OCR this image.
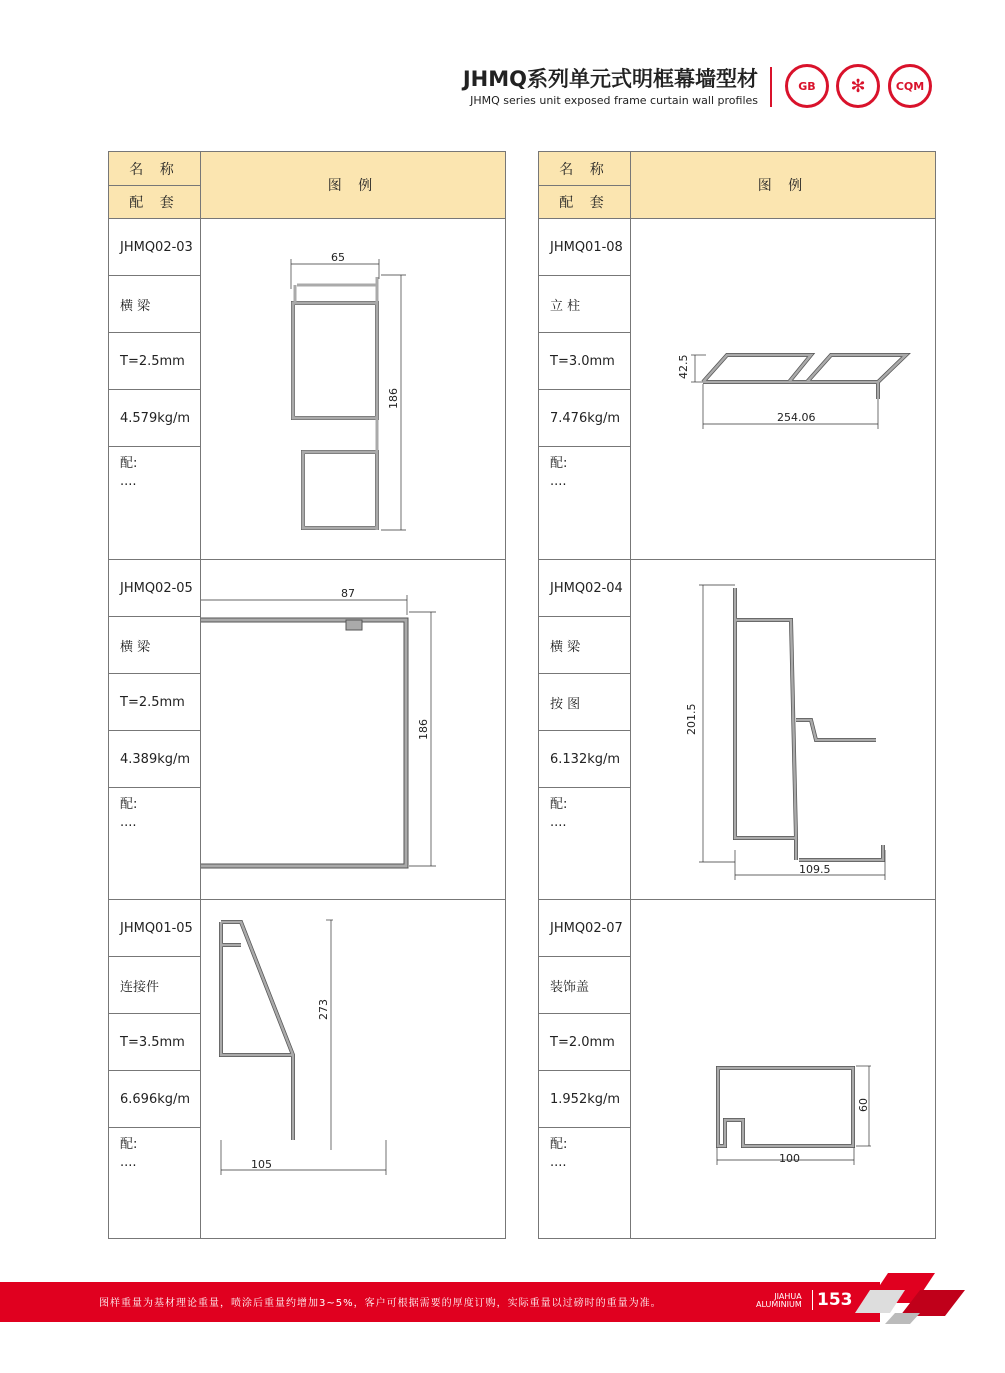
JHMQ系列单元式明框幕墙型材
JHMQ series unit exposed frame curtain wall profiles
GB	✻	CQM
名 称
配 套
图 例
JHMQ02-03
横 梁
T=2.5mm
4.579kg/m
配:
....
65
186
JHMQ02-05
横 梁
T=2.5mm
4.389kg/m
配:
....
87
186
JHMQ01-05
连接件
T=3.5mm
6.696kg/m
配:
....	105
273
名 称
配 套
图 例
JHMQ01-08
立 柱
T=3.0mm
7.476kg/m
配:
....
254.06
42.5
JHMQ02-04
横 梁
按 图
6.132kg/m
配:
....
109.5
201.5
JHMQ02-07
装饰盖
T=2.0mm
1.952kg/m
配:
....	100
60
图样重量为基材理论重量，喷涂后重量约增加3~5%，客户可根据需要的厚度订购，实际重量以过磅时的重量为准。
JIAHUA
ALUMINIUM 153
